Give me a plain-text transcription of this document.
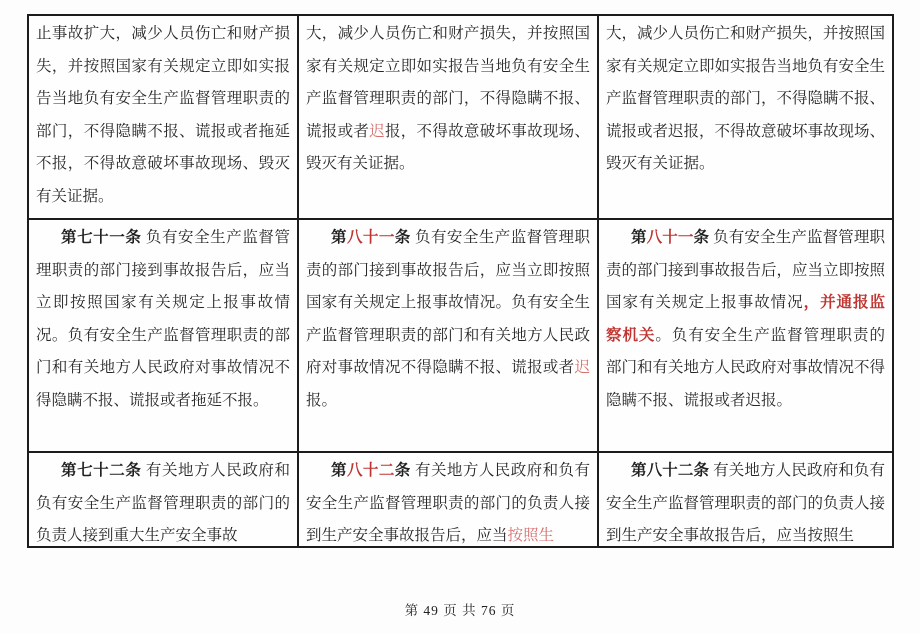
止事故扩大，减少人员伤亡和财产损失，并按照国家有关规定立即如实报告当地负有安全生产监督管理职责的部门，不得隐瞒不报、谎报或者拖延不报，不得故意破坏事故现场、毁灭有关证据。
大，减少人员伤亡和财产损失，并按照国家有关规定立即如实报告当地负有安全生产监督管理职责的部门，不得隐瞒不报、谎报或者迟报，不得故意破坏事故现场、毁灭有关证据。
大，减少人员伤亡和财产损失，并按照国家有关规定立即如实报告当地负有安全生产监督管理职责的部门，不得隐瞒不报、谎报或者迟报，不得故意破坏事故现场、毁灭有关证据。
第七十一条 负有安全生产监督管理职责的部门接到事故报告后，应当立即按照国家有关规定上报事故情况。负有安全生产监督管理职责的部门和有关地方人民政府对事故情况不得隐瞒不报、谎报或者拖延不报。
第八十一条 负有安全生产监督管理职责的部门接到事故报告后，应当立即按照国家有关规定上报事故情况。负有安全生产监督管理职责的部门和有关地方人民政府对事故情况不得隐瞒不报、谎报或者迟报。
第八十一条 负有安全生产监督管理职责的部门接到事故报告后，应当立即按照国家有关规定上报事故情况，并通报监察机关。负有安全生产监督管理职责的部门和有关地方人民政府对事故情况不得隐瞒不报、谎报或者迟报。
第七十二条 有关地方人民政府和负有安全生产监督管理职责的部门的负责人接到重大生产安全事故
第八十二条 有关地方人民政府和负有安全生产监督管理职责的部门的负责人接到生产安全事故报告后，应当按照生
第八十二条 有关地方人民政府和负有安全生产监督管理职责的部门的负责人接到生产安全事故报告后，应当按照生
第 49 页 共 76 页
